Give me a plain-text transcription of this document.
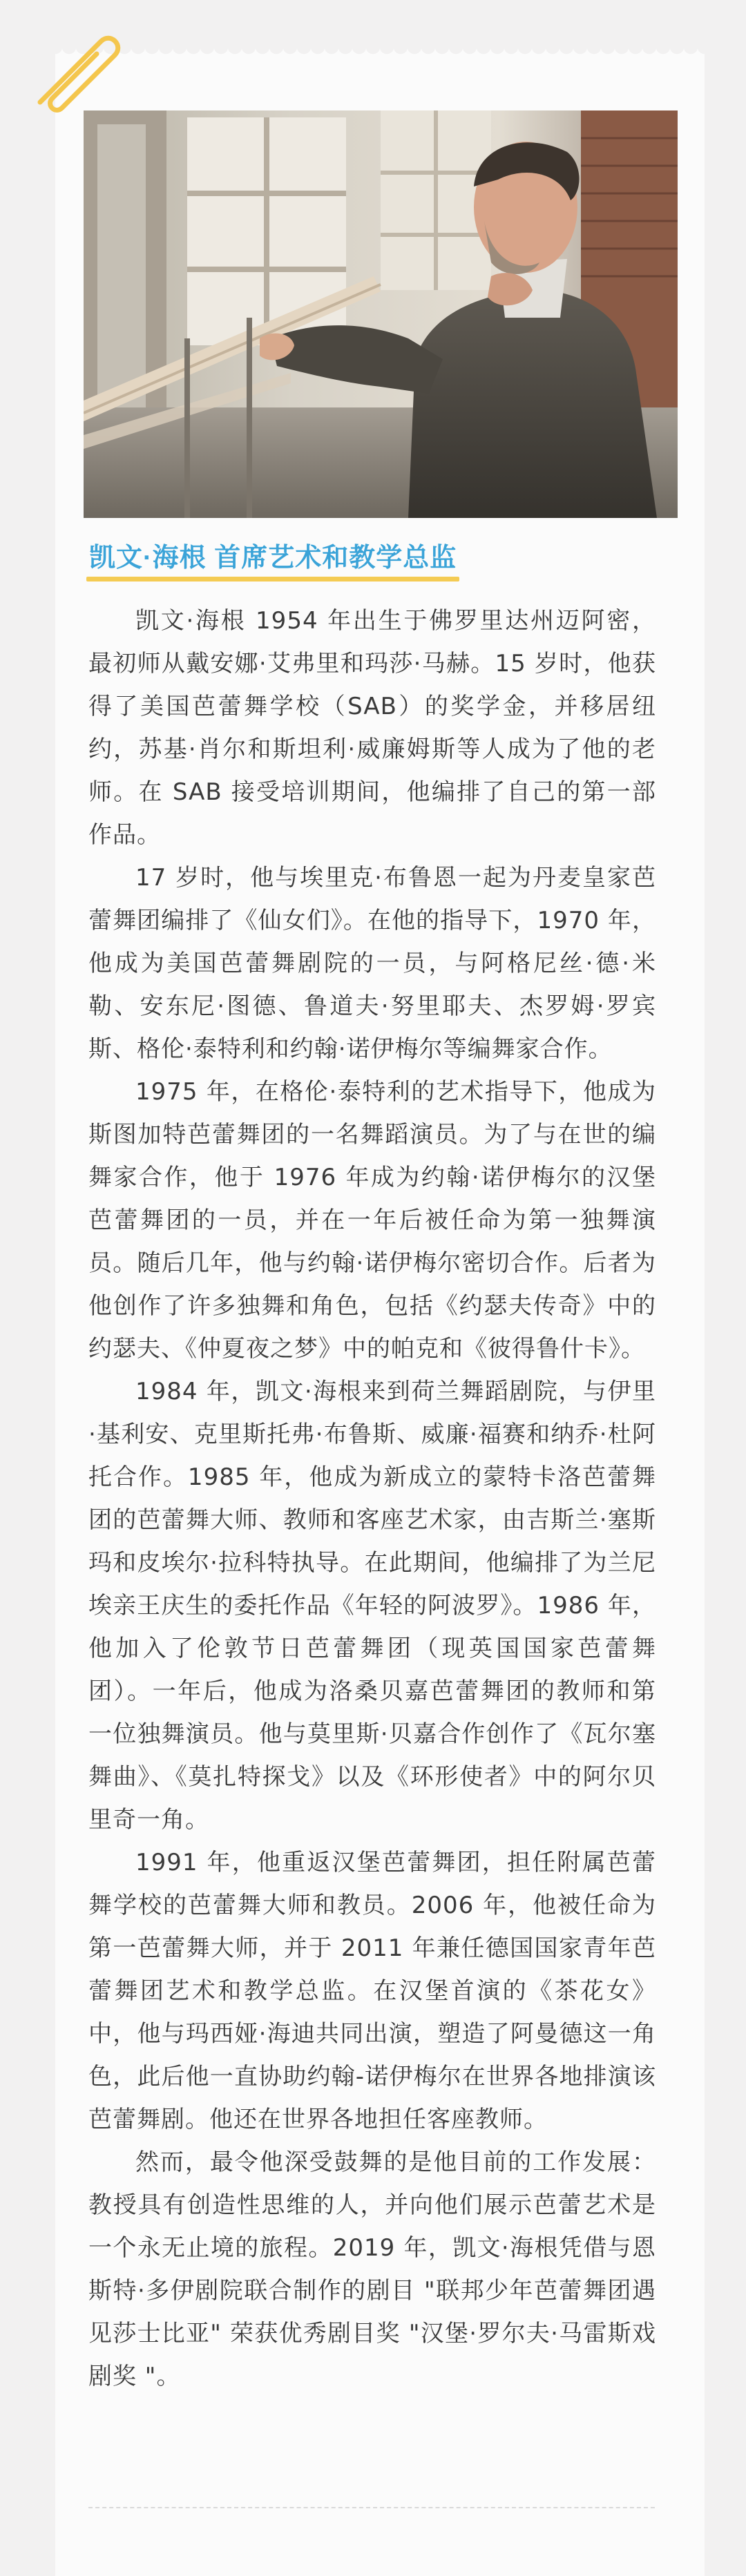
凯文·海根 首席艺术和教学总监

凯文·海根 1954 年出生于佛罗里达州迈阿密，最初师从戴安娜·艾弗里和玛莎·马赫。15 岁时，他获得了美国芭蕾舞学校（SAB）的奖学金，并移居纽约，苏基·肖尔和斯坦利·威廉姆斯等人成为了他的老师。在 SAB 接受培训期间，他编排了自己的第一部作品。

17 岁时，他与埃里克·布鲁恩一起为丹麦皇家芭蕾舞团编排了《仙女们》。在他的指导下，1970 年，他成为美国芭蕾舞剧院的一员，与阿格尼丝·德·米勒、安东尼·图德、鲁道夫·努里耶夫、杰罗姆·罗宾斯、格伦·泰特利和约翰·诺伊梅尔等编舞家合作。

1975 年，在格伦·泰特利的艺术指导下，他成为斯图加特芭蕾舞团的一名舞蹈演员。为了与在世的编舞家合作，他于 1976 年成为约翰·诺伊梅尔的汉堡芭蕾舞团的一员，并在一年后被任命为第一独舞演员。随后几年，他与约翰·诺伊梅尔密切合作。后者为他创作了许多独舞和角色，包括《约瑟夫传奇》中的约瑟夫、《仲夏夜之梦》中的帕克和《彼得鲁什卡》。

1984 年，凯文·海根来到荷兰舞蹈剧院，与伊里·基利安、克里斯托弗·布鲁斯、威廉·福赛和纳乔·杜阿托合作。1985 年，他成为新成立的蒙特卡洛芭蕾舞团的芭蕾舞大师、教师和客座艺术家，由吉斯兰·塞斯玛和皮埃尔·拉科特执导。在此期间，他编排了为兰尼埃亲王庆生的委托作品《年轻的阿波罗》。1986 年，他加入了伦敦节日芭蕾舞团（现英国国家芭蕾舞团）。一年后，他成为洛桑贝嘉芭蕾舞团的教师和第一位独舞演员。他与莫里斯·贝嘉合作创作了《瓦尔塞舞曲》、《莫扎特探戈》以及《环形使者》中的阿尔贝里奇一角。

1991 年，他重返汉堡芭蕾舞团，担任附属芭蕾舞学校的芭蕾舞大师和教员。2006 年，他被任命为第一芭蕾舞大师，并于 2011 年兼任德国国家青年芭蕾舞团艺术和教学总监。在汉堡首演的《茶花女》中，他与玛西娅·海迪共同出演，塑造了阿曼德这一角色，此后他一直协助约翰-诺伊梅尔在世界各地排演该芭蕾舞剧。他还在世界各地担任客座教师。

然而，最令他深受鼓舞的是他目前的工作发展：教授具有创造性思维的人，并向他们展示芭蕾艺术是一个永无止境的旅程。2019 年，凯文·海根凭借与恩斯特·多伊剧院联合制作的剧目 "联邦少年芭蕾舞团遇见莎士比亚" 荣获优秀剧目奖 "汉堡·罗尔夫·马雷斯戏剧奖 "。
